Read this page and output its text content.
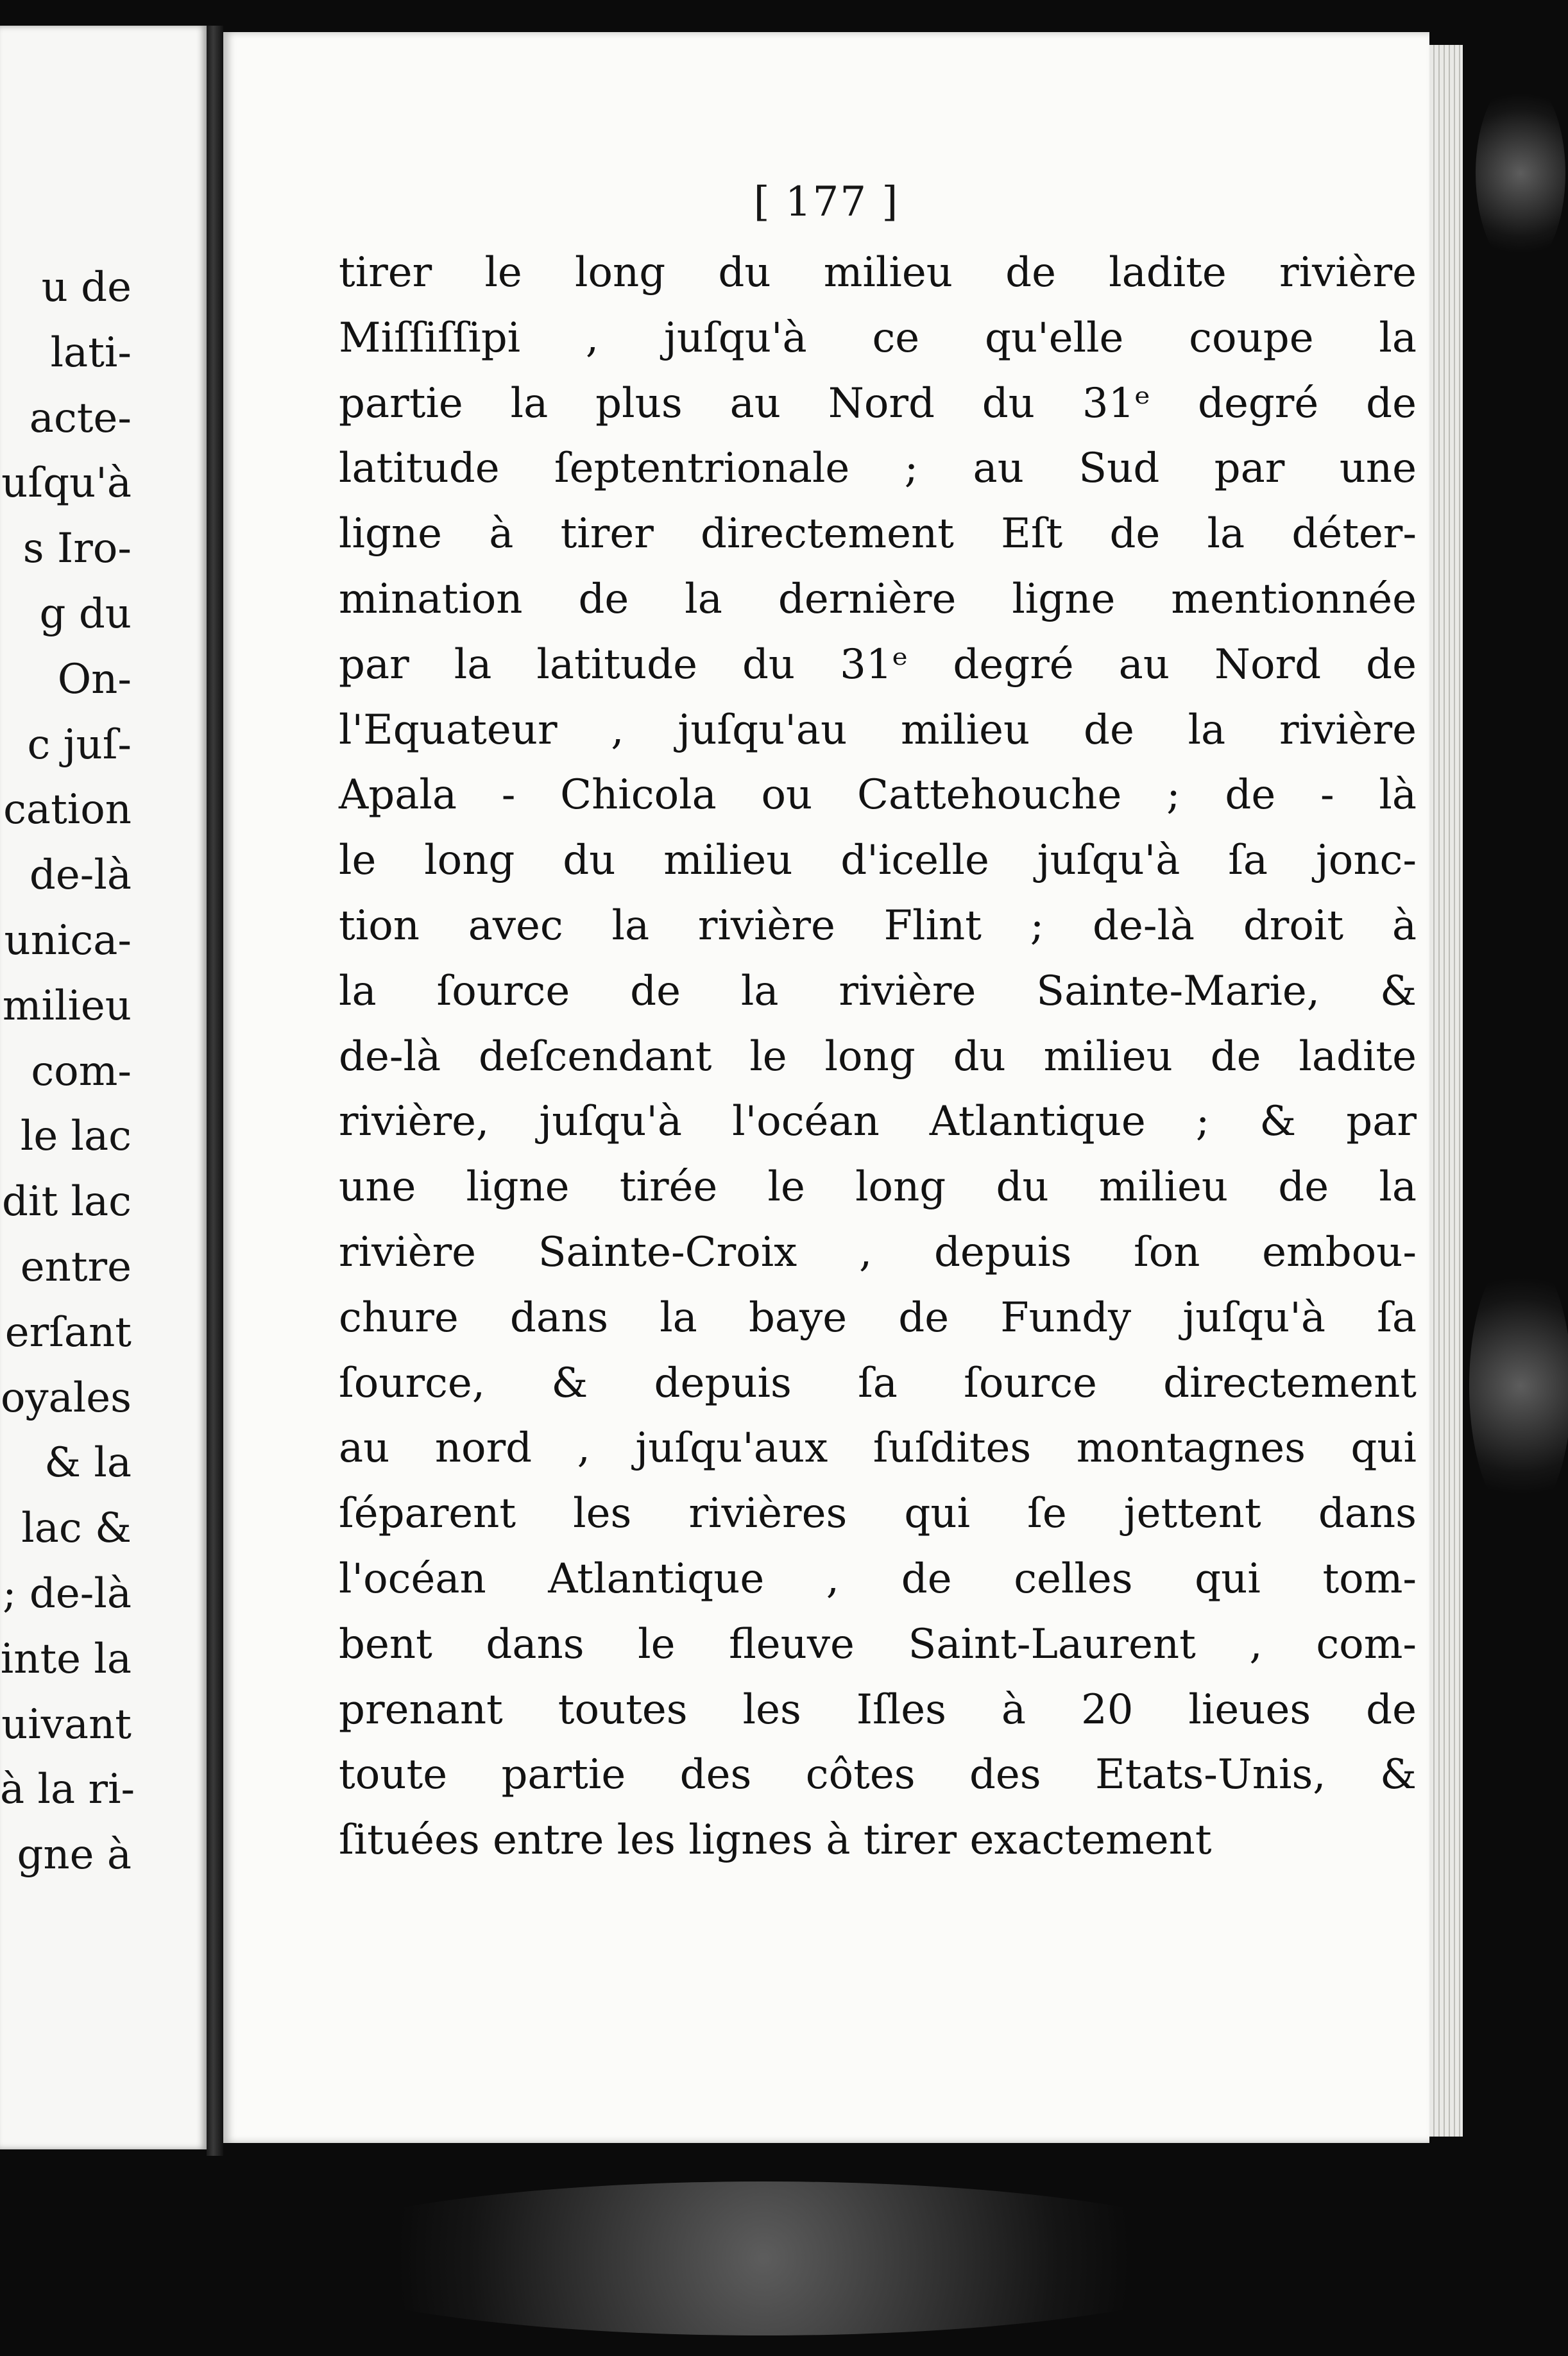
u de
lati-
acte-
uſqu'à
s Iro-
g du
On-
c juſ-
cation
de-là
unica-
milieu
com-
le lac
dit lac
entre
erſant
oyales
& la
lac &
; de-là
inte la
uivant
à la ri-
gne à
[ 177 ]
tirer le long du milieu de ladite rivière
Miſſiſſipi , juſqu'à ce qu'elle coupe la
partie la plus au Nord du 31ᵉ degré de
latitude ſeptentrionale ; au Sud par une
ligne à tirer directement Eſt de la déter-
mination de la dernière ligne mentionnée
par la latitude du 31ᵉ degré au Nord de
l'Equateur , juſqu'au milieu de la rivière
Apala - Chicola ou Cattehouche ; de - là
le long du milieu d'icelle juſqu'à ſa jonc-
tion avec la rivière Flint ; de-là droit à
la ſource de la rivière Sainte-Marie, &
de-là deſcendant le long du milieu de ladite
rivière, juſqu'à l'océan Atlantique ; & par
une ligne tirée le long du milieu de la
rivière Sainte-Croix , depuis ſon embou-
chure dans la baye de Fundy juſqu'à ſa
ſource, & depuis ſa ſource directement
au nord , juſqu'aux ſuſdites montagnes qui
ſéparent les rivières qui ſe jettent dans
l'océan Atlantique , de celles qui tom-
bent dans le fleuve Saint-Laurent , com-
prenant toutes les Iſles à 20 lieues de
toute partie des côtes des Etats-Unis, &
ſituées entre les lignes à tirer exactement
